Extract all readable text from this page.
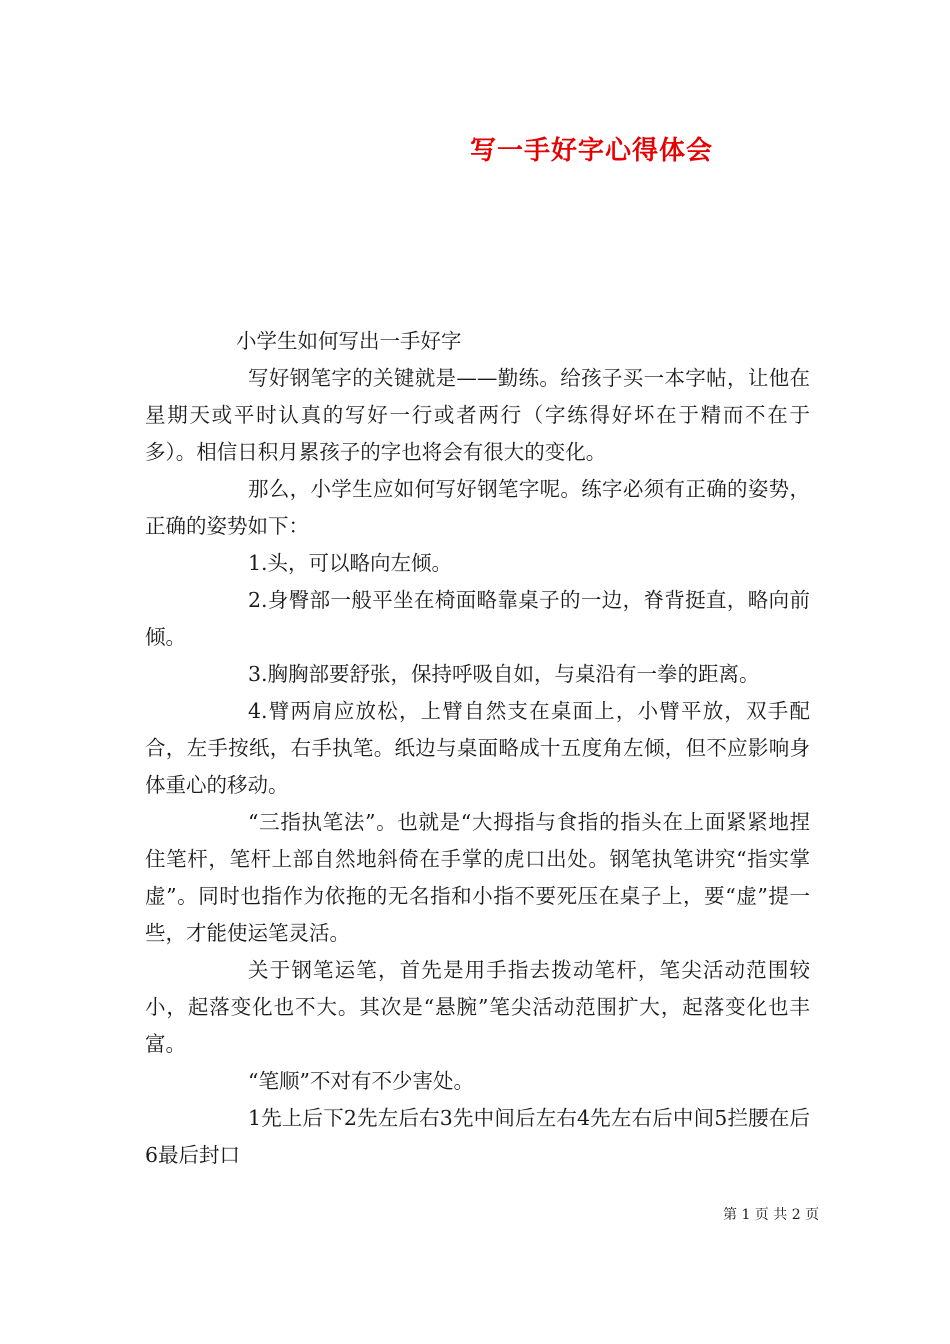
写一手好字心得体会

小学生如何写出一手好字

写好钢笔字的关键就是——勤练。给孩子买一本字帖，让他在星期天或平时认真的写好一行或者两行（字练得好坏在于精而不在于多）。相信日积月累孩子的字也将会有很大的变化。

那么，小学生应如何写好钢笔字呢。练字必须有正确的姿势，正确的姿势如下：

1.头，可以略向左倾。

2.身臀部一般平坐在椅面略靠桌子的一边，脊背挺直，略向前倾。

3.胸胸部要舒张，保持呼吸自如，与桌沿有一拳的距离。

4.臂两肩应放松，上臂自然支在桌面上，小臂平放，双手配合，左手按纸，右手执笔。纸边与桌面略成十五度角左倾，但不应影响身体重心的移动。

“三指执笔法”。也就是“大拇指与食指的指头在上面紧紧地捏住笔杆，笔杆上部自然地斜倚在手掌的虎口出处。钢笔执笔讲究“指实掌虚”。同时也指作为依拖的无名指和小指不要死压在桌子上，要“虚”提一些，才能使运笔灵活。

关于钢笔运笔，首先是用手指去拨动笔杆，笔尖活动范围较小，起落变化也不大。其次是“悬腕”笔尖活动范围扩大，起落变化也丰富。

“笔顺”不对有不少害处。

1先上后下2先左后右3先中间后左右4先左右后中间5拦腰在后6最后封口

第 1 页 共 2 页
